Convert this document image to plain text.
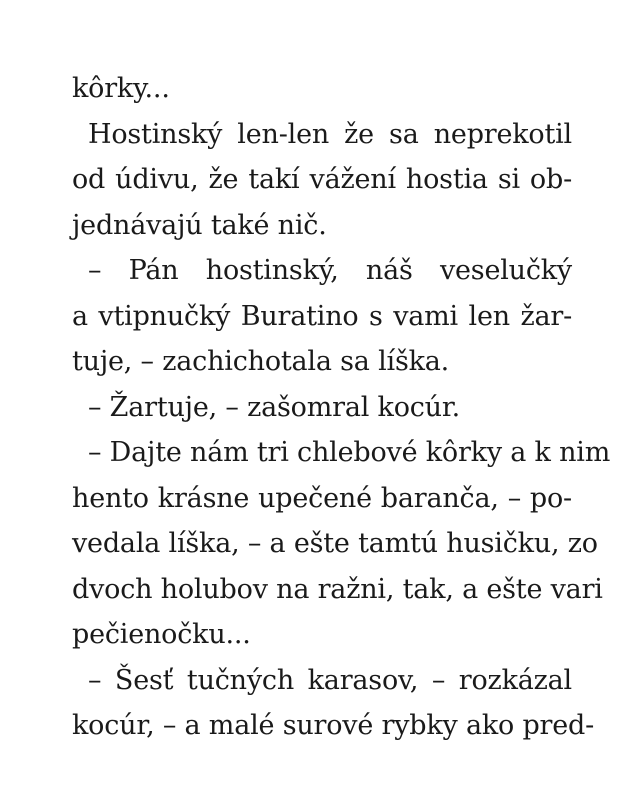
kôrky...
Hostinský len-len že sa neprekotil
od údivu, že takí vážení hostia si ob-
jednávajú také nič.
– Pán hostinský, náš veselučký
a vtipnučký Buratino s vami len žar-
tuje, – zachichotala sa líška.
– Žartuje, – zašomral kocúr.
– Dajte nám tri chlebové kôrky a k nim
hento krásne upečené baranča, – po-
vedala líška, – a ešte tamtú husičku, zo
dvoch holubov na ražni, tak, a ešte vari
pečienočku...
– Šesť tučných karasov, – rozkázal
kocúr, – a malé surové rybky ako pred-
